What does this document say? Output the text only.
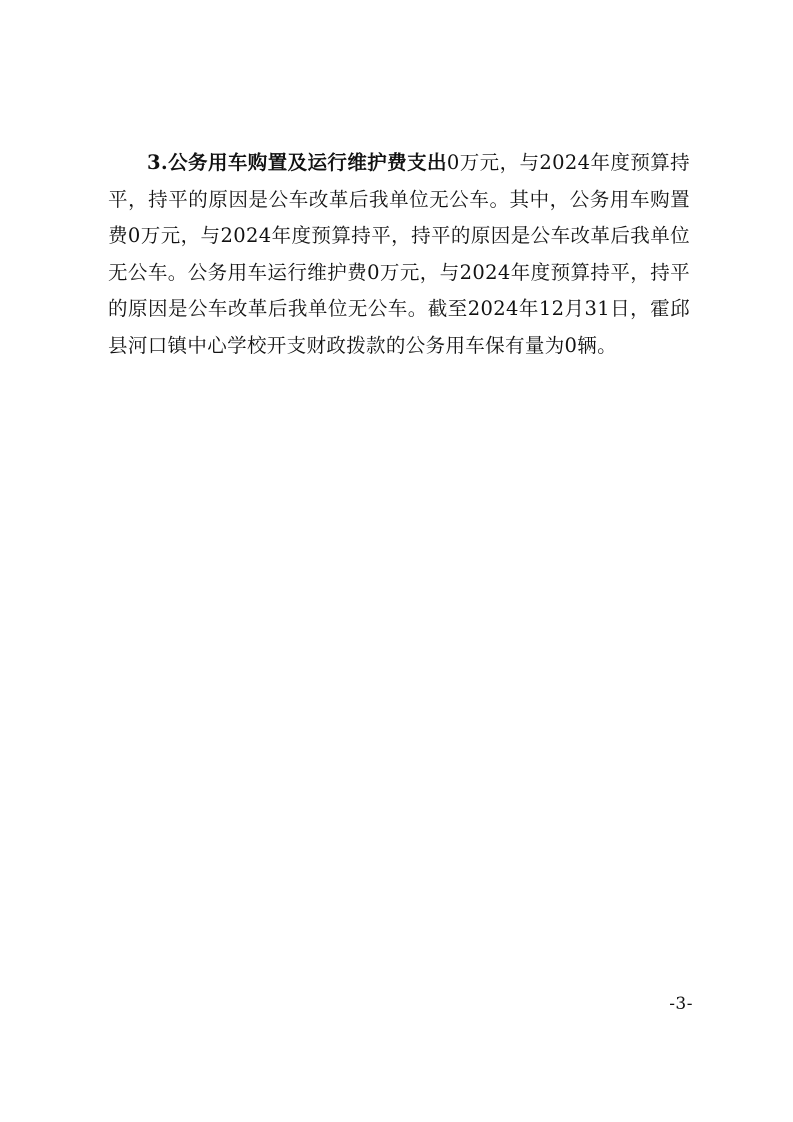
3.公务用车购置及运行维护费支出0万元，与2024年度预算持平，持平的原因是公车改革后我单位无公车。其中，公务用车购置费0万元，与2024年度预算持平，持平的原因是公车改革后我单位无公车。公务用车运行维护费0万元，与2024年度预算持平，持平的原因是公车改革后我单位无公车。截至2024年12月31日，霍邱县河口镇中心学校开支财政拨款的公务用车保有量为0辆。

-3-
